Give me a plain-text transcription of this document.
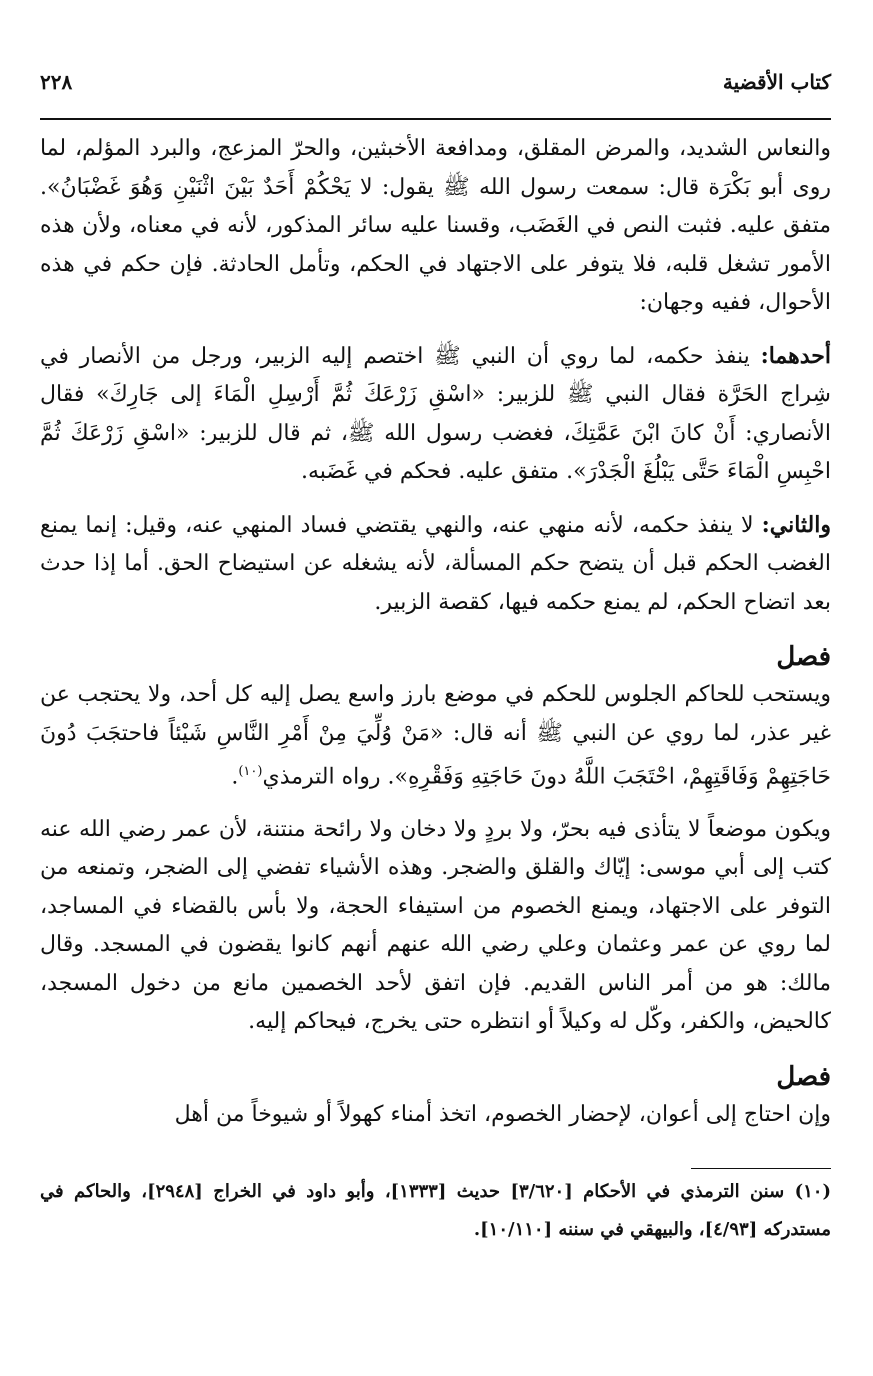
كتاب الأقضية
٢٢٨

والنعاس الشديد، والمرض المقلق، ومدافعة الأخبثين، والحرّ المزعج، والبرد المؤلم، لما روى أبو بَكْرَة قال: سمعت رسول الله ﷺ يقول: لا يَحْكُمْ أَحَدٌ بَيْنَ اثْنَيْنِ وَهُوَ غَضْبَانُ». متفق عليه. فثبت النص في الغَضَب، وقسنا عليه سائر المذكور، لأنه في معناه، ولأن هذه الأمور تشغل قلبه، فلا يتوفر على الاجتهاد في الحكم، وتأمل الحادثة. فإن حكم في هذه الأحوال، ففيه وجهان:

أحدهما: ينفذ حكمه، لما روي أن النبي ﷺ اختصم إليه الزبير، ورجل من الأنصار في شِراج الحَرَّة فقال النبي ﷺ للزبير: «اسْقِ زَرْعَكَ ثُمَّ أَرْسِلِ الْمَاءَ إلى جَارِكَ» فقال الأنصاري: أَنْ كانَ ابْنَ عَمَّتِكَ، فغضب رسول الله ﷺ، ثم قال للزبير: «اسْقِ زَرْعَكَ ثُمَّ احْبِسِ الْمَاءَ حَتَّى يَبْلُغَ الْجَدْرَ». متفق عليه. فحكم في غَضَبه.

والثاني: لا ينفذ حكمه، لأنه منهي عنه، والنهي يقتضي فساد المنهي عنه، وقيل: إنما يمنع الغضب الحكم قبل أن يتضح حكم المسألة، لأنه يشغله عن استيضاح الحق. أما إذا حدث بعد اتضاح الحكم، لم يمنع حكمه فيها، كقصة الزبير.

فصل

ويستحب للحاكم الجلوس للحكم في موضع بارز واسع يصل إليه كل أحد، ولا يحتجب عن غير عذر، لما روي عن النبي ﷺ أنه قال: «مَنْ وُلِّيَ مِنْ أَمْرِ النَّاسِ شَيْئاً فاحتجَبَ دُونَ حَاجَتِهِمْ وَفَاقَتِهِمْ، احْتَجَبَ اللَّهُ دونَ حَاجَتِهِ وَفَقْرِهِ». رواه الترمذي$^{(١٠)}$.

ويكون موضعاً لا يتأذى فيه بحرّ، ولا بردٍ ولا دخان ولا رائحة منتنة، لأن عمر رضي الله عنه كتب إلى أبي موسى: إيّاك والقلق والضجر. وهذه الأشياء تفضي إلى الضجر، وتمنعه من التوفر على الاجتهاد، ويمنع الخصوم من استيفاء الحجة، ولا بأس بالقضاء في المساجد، لما روي عن عمر وعثمان وعلي رضي الله عنهم أنهم كانوا يقضون في المسجد. وقال مالك: هو من أمر الناس القديم. فإن اتفق لأحد الخصمين مانع من دخول المسجد، كالحيض، والكفر، وكّل له وكيلاً أو انتظره حتى يخرج، فيحاكم إليه.

فصل

وإن احتاج إلى أعوان، لإحضار الخصوم، اتخذ أمناء كهولاً أو شيوخاً من أهل

(١٠) سنن الترمذي في الأحكام [٣/٦٢٠] حديث [١٣٣٣]، وأبو داود في الخراج [٢٩٤٨]، والحاكم في مستدركه [٤/٩٣]، والبيهقي في سننه [١٠/١١٠].
